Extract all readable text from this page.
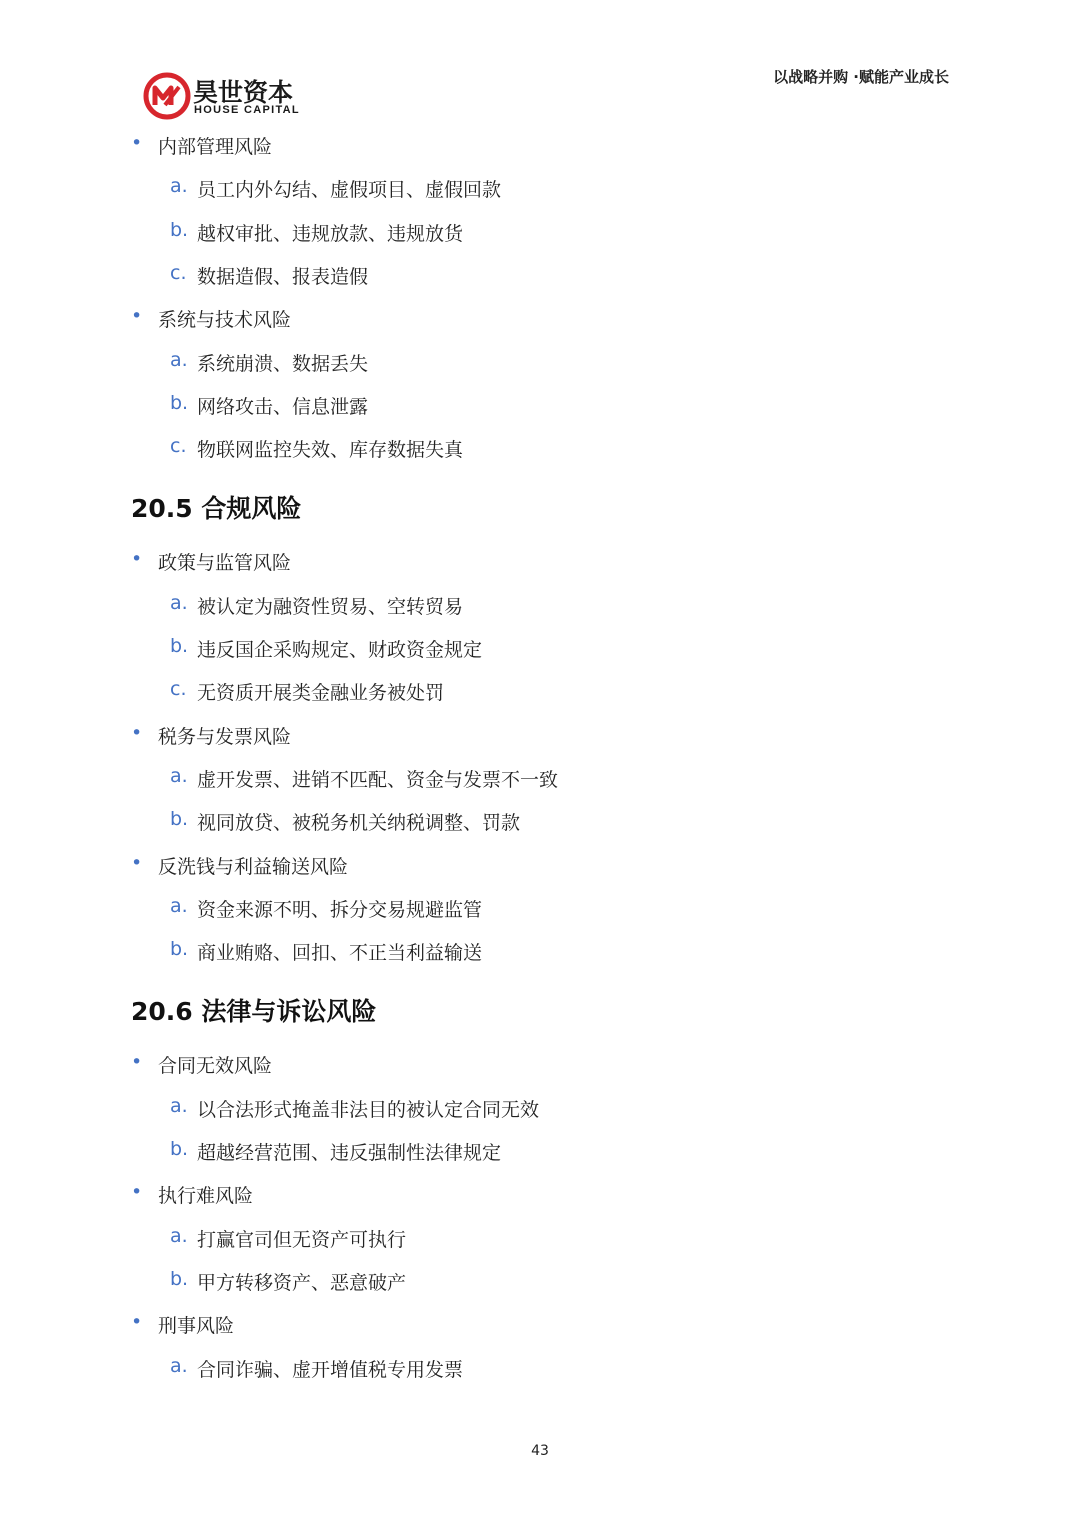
昊世资本
HOUSE CAPITAL
以战略并购 ·赋能产业成长
• 内部管理风险
a. 员工内外勾结、虚假项目、虚假回款
b. 越权审批、违规放款、违规放货
c. 数据造假、报表造假
• 系统与技术风险
a. 系统崩溃、数据丢失
b. 网络攻击、信息泄露
c. 物联网监控失效、库存数据失真
20.5 合规风险
• 政策与监管风险
a. 被认定为融资性贸易、空转贸易
b. 违反国企采购规定、财政资金规定
c. 无资质开展类金融业务被处罚
• 税务与发票风险
a. 虚开发票、进销不匹配、资金与发票不一致
b. 视同放贷、被税务机关纳税调整、罚款
• 反洗钱与利益输送风险
a. 资金来源不明、拆分交易规避监管
b. 商业贿赂、回扣、不正当利益输送
20.6 法律与诉讼风险
• 合同无效风险
a. 以合法形式掩盖非法目的被认定合同无效
b. 超越经营范围、违反强制性法律规定
• 执行难风险
a. 打赢官司但无资产可执行
b. 甲方转移资产、恶意破产
• 刑事风险
a. 合同诈骗、虚开增值税专用发票
43
